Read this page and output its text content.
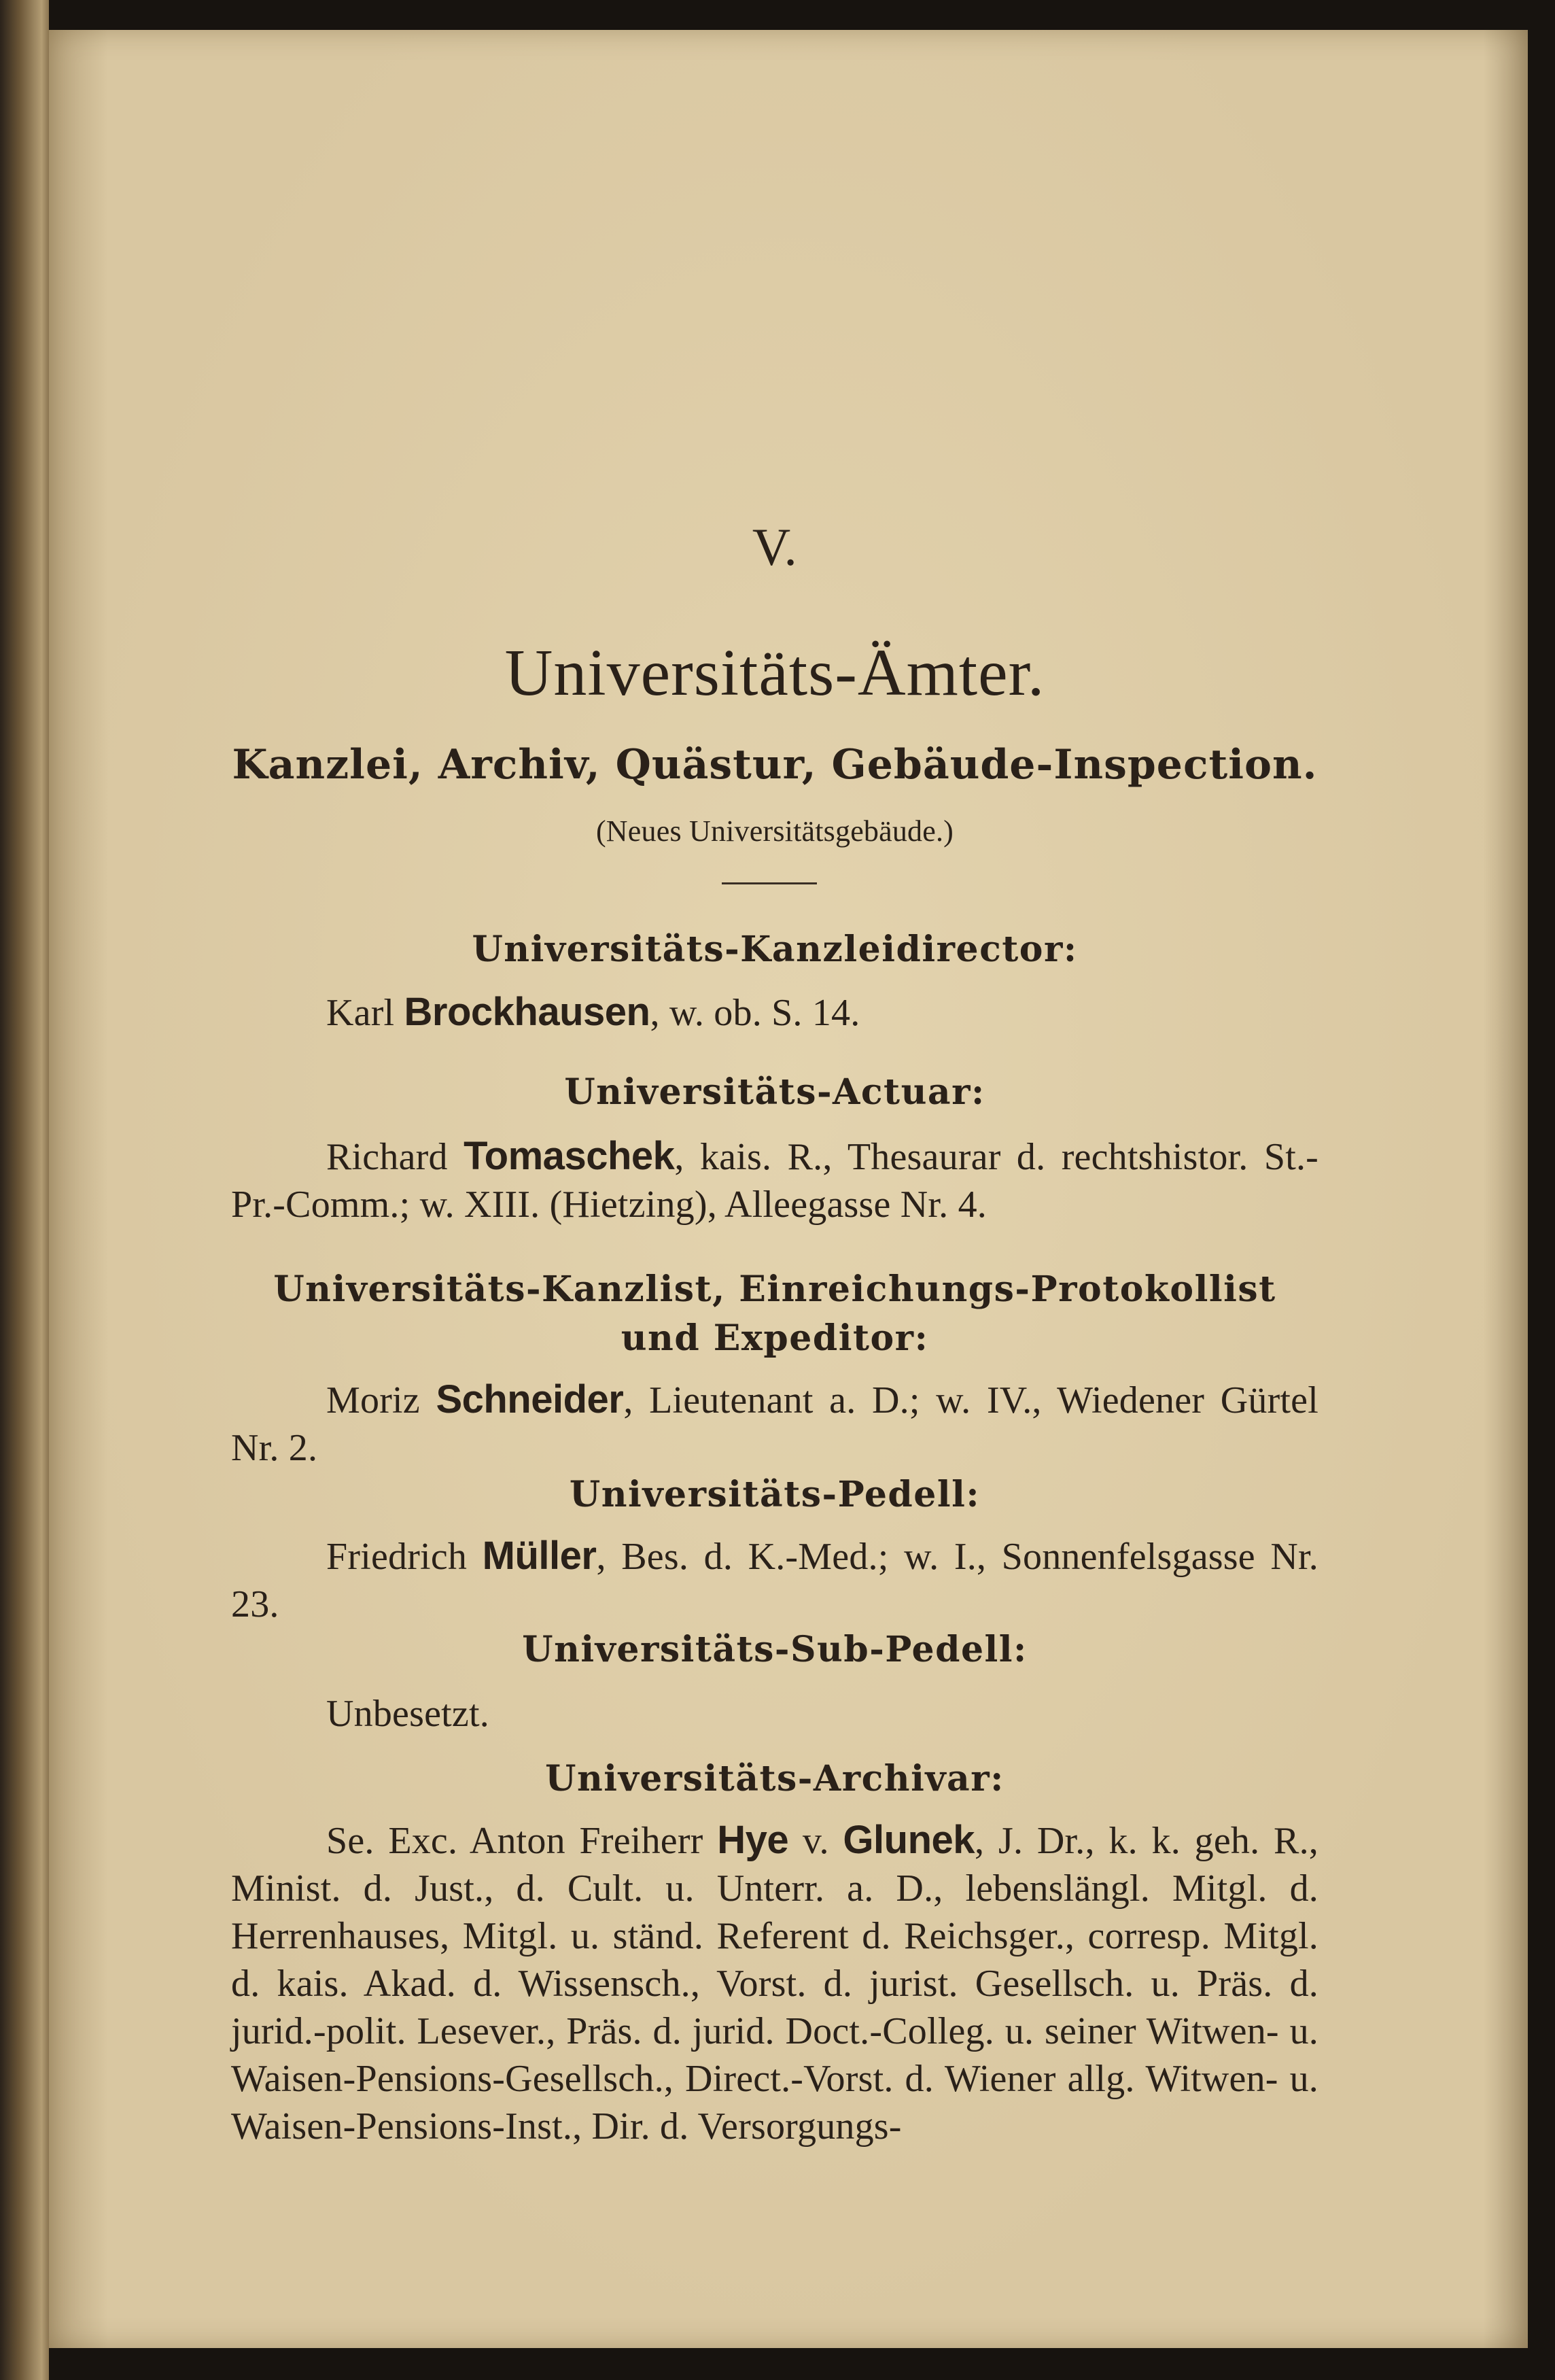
V.
Universitäts-Ämter.
Kanzlei, Archiv, Quästur, Gebäude-Inspection.
(Neues Universitätsgebäude.)
Universitäts-Kanzleidirector:
Karl Brockhausen, w. ob. S. 14.
Universitäts-Actuar:
Richard Tomaschek, kais. R., Thesaurar d. rechtshistor. St.-Pr.-Comm.; w. XIII. (Hietzing), Alleegasse Nr. 4.
Universitäts-Kanzlist, Einreichungs-Protokollist
und Expeditor:
Moriz Schneider, Lieutenant a. D.; w. IV., Wiedener Gürtel Nr. 2.
Universitäts-Pedell:
Friedrich Müller, Bes. d. K.-Med.; w. I., Sonnenfelsgasse Nr. 23.
Universitäts-Sub-Pedell:
Unbesetzt.
Universitäts-Archivar:
Se. Exc. Anton Freiherr Hye v. Glunek, J. Dr., k. k. geh. R., Minist. d. Just., d. Cult. u. Unterr. a. D., lebenslängl. Mitgl. d. Herrenhauses, Mitgl. u. ständ. Referent d. Reichsger., corresp. Mitgl. d. kais. Akad. d. Wissensch., Vorst. d. jurist. Gesellsch. u. Präs. d. jurid.-polit. Lesever., Präs. d. jurid. Doct.-Colleg. u. seiner Witwen- u. Waisen-Pensions-Gesellsch., Direct.-Vorst. d. Wiener allg. Witwen- u. Waisen-Pensions-Inst., Dir. d. Versorgungs-
